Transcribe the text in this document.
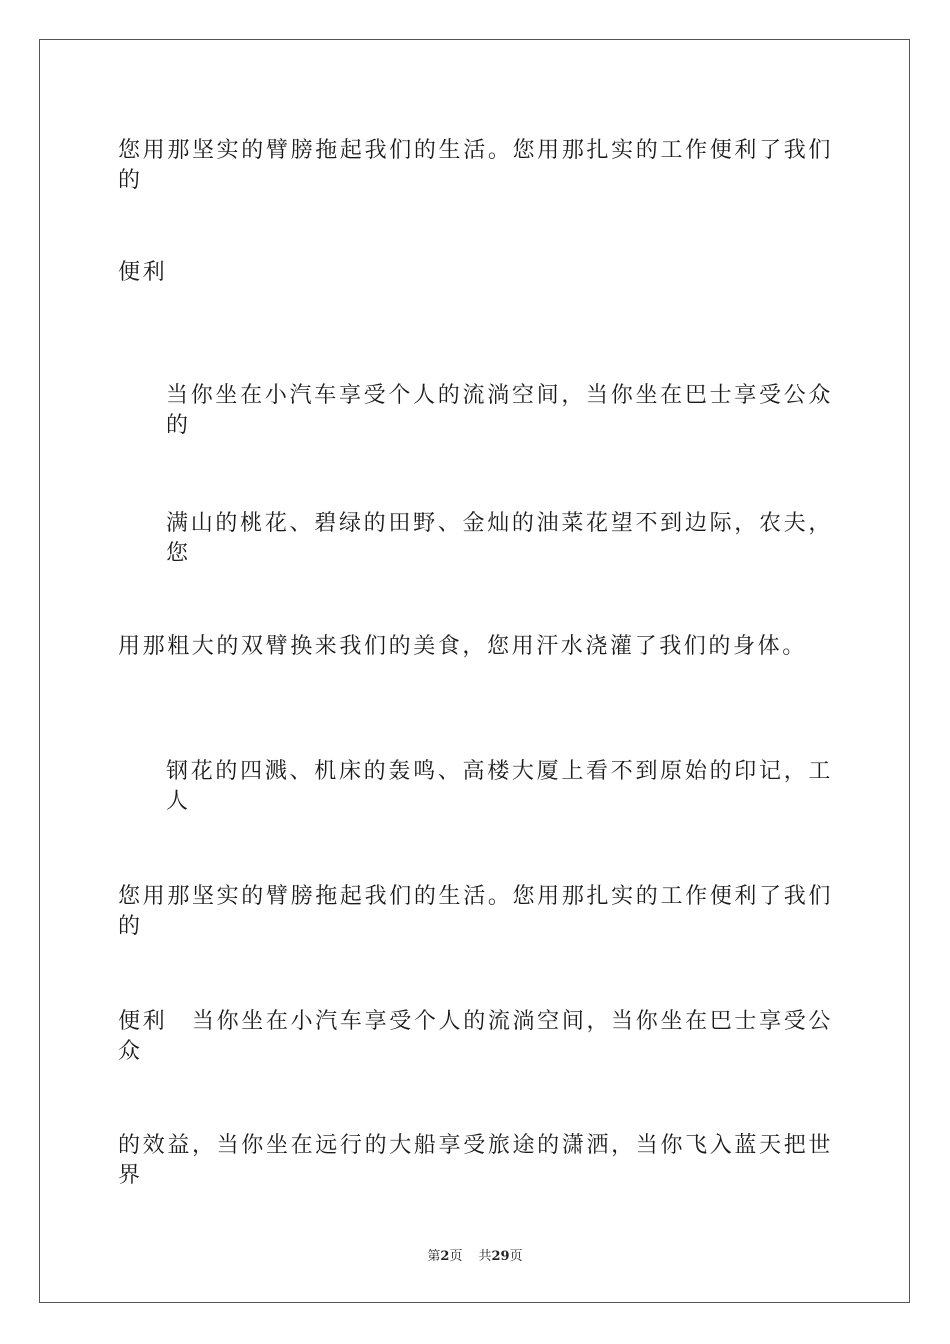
您用那坚实的臂膀拖起我们的生活。您用那扎实的工作便利了我们的
便利
当你坐在小汽车享受个人的流淌空间，当你坐在巴士享受公众的
满山的桃花、碧绿的田野、金灿的油菜花望不到边际，农夫，您
用那粗大的双臂换来我们的美食，您用汗水浇灌了我们的身体。
钢花的四溅、机床的轰鸣、高楼大厦上看不到原始的印记，工人
您用那坚实的臂膀拖起我们的生活。您用那扎实的工作便利了我们的
便利　当你坐在小汽车享受个人的流淌空间，当你坐在巴士享受公众
的效益，当你坐在远行的大船享受旅途的潇洒，当你飞入蓝天把世界
第2页 共29页
